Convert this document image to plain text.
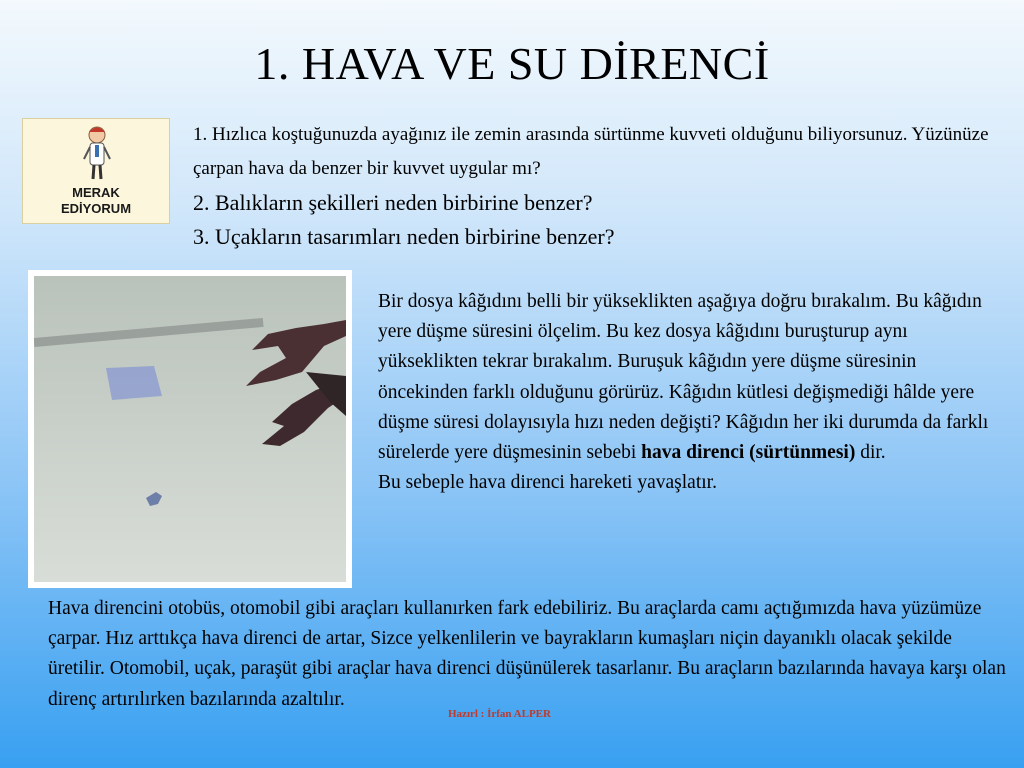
1. HAVA VE SU DİRENCİ
MERAK
EDİYORUM
1. Hızlıca koştuğunuzda ayağınız ile zemin arasında sürtünme kuvveti olduğunu biliyorsunuz. Yüzünüze çarpan hava da benzer bir kuvvet uygular mı?
2. Balıkların şekilleri neden birbirine benzer?
3. Uçakların tasarımları neden birbirine benzer?
Bir dosya kâğıdını belli bir yükseklikten aşağıya doğru bırakalım. Bu kâğıdın yere düşme süresini ölçelim. Bu kez dosya kâğıdını buruşturup aynı yükseklikten tekrar bırakalım. Buruşuk kâğıdın yere düşme süresinin öncekinden farklı olduğunu görürüz. Kâğıdın kütlesi değişmediği hâlde yere düşme süresi dolayısıyla hızı neden değişti? Kâğıdın her iki durumda da farklı sürelerde yere düşmesinin sebebi hava direnci (sürtünmesi) dir.
Bu sebeple hava direnci hareketi yavaşlatır.
Hava direncini otobüs, otomobil gibi araçları kullanırken fark edebiliriz. Bu araçlarda camı açtığımızda hava yüzümüze çarpar. Hız arttıkça hava direnci de artar, Sizce yelkenlilerin ve bayrakların kumaşları niçin dayanıklı olacak şekilde üretilir. Otomobil, uçak, paraşüt gibi araçlar hava direnci düşünülerek tasarlanır. Bu araçların bazılarında havaya karşı olan direnç artırılırken bazılarında azaltılır.
Hazırl : İrfan ALPER
